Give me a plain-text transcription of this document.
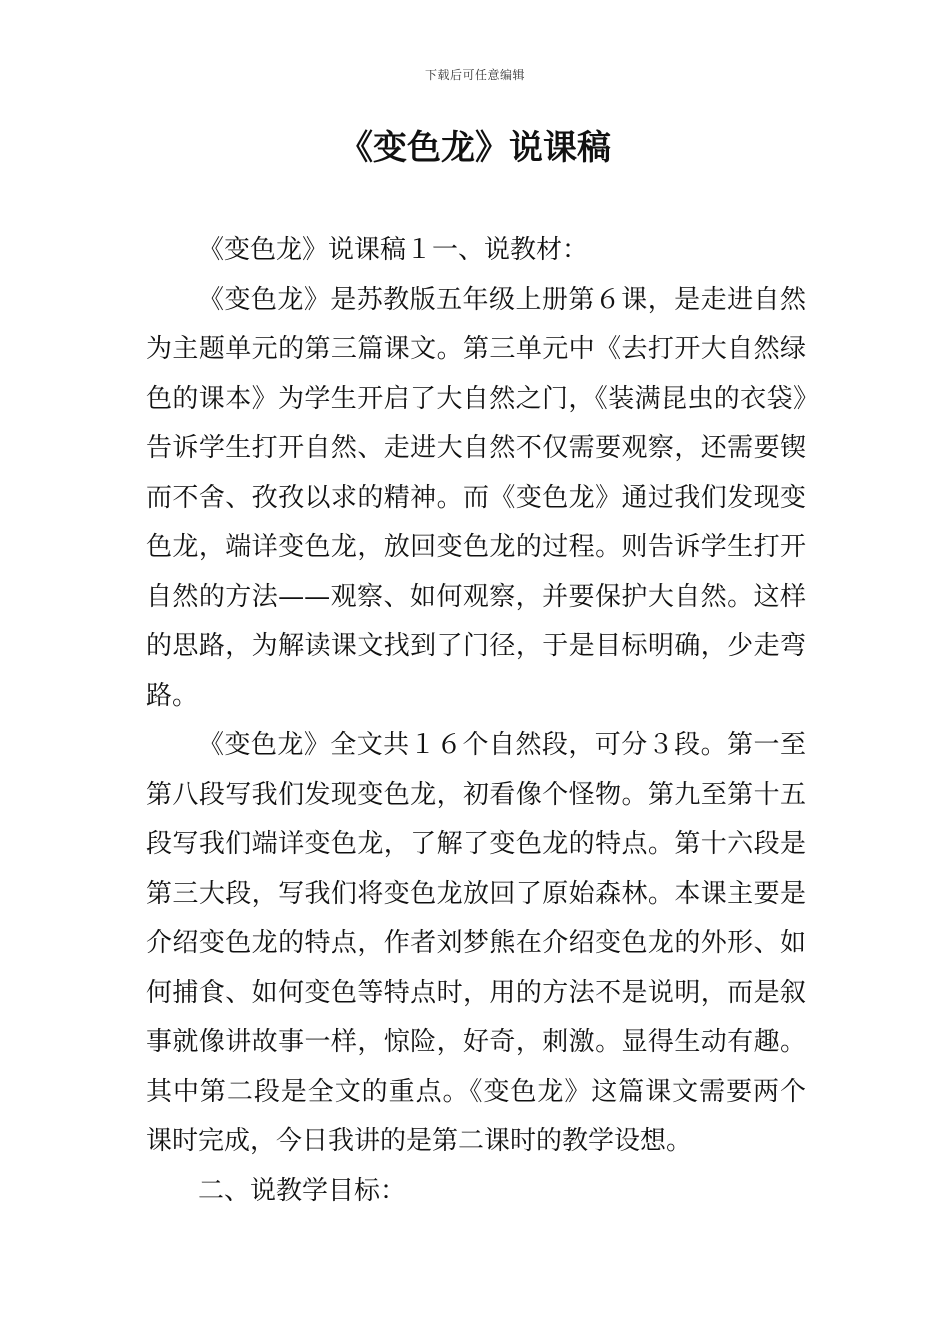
下载后可任意编辑
《变色龙》说课稿

《变色龙》说课稿１一、说教材：

《变色龙》是苏教版五年级上册第６课，是走进自然为主题单元的第三篇课文。第三单元中《去打开大自然绿色的课本》为学生开启了大自然之门，《装满昆虫的衣袋》告诉学生打开自然、走进大自然不仅需要观察，还需要锲而不舍、孜孜以求的精神。而《变色龙》通过我们发现变色龙，端详变色龙，放回变色龙的过程。则告诉学生打开自然的方法——观察、如何观察，并要保护大自然。这样的思路，为解读课文找到了门径，于是目标明确，少走弯路。

《变色龙》全文共１６个自然段，可分３段。第一至第八段写我们发现变色龙，初看像个怪物。第九至第十五段写我们端详变色龙，了解了变色龙的特点。第十六段是第三大段，写我们将变色龙放回了原始森林。本课主要是介绍变色龙的特点，作者刘梦熊在介绍变色龙的外形、如何捕食、如何变色等特点时，用的方法不是说明，而是叙事就像讲故事一样，惊险，好奇，刺激。显得生动有趣。其中第二段是全文的重点。《变色龙》这篇课文需要两个课时完成，今日我讲的是第二课时的教学设想。

二、说教学目标：
